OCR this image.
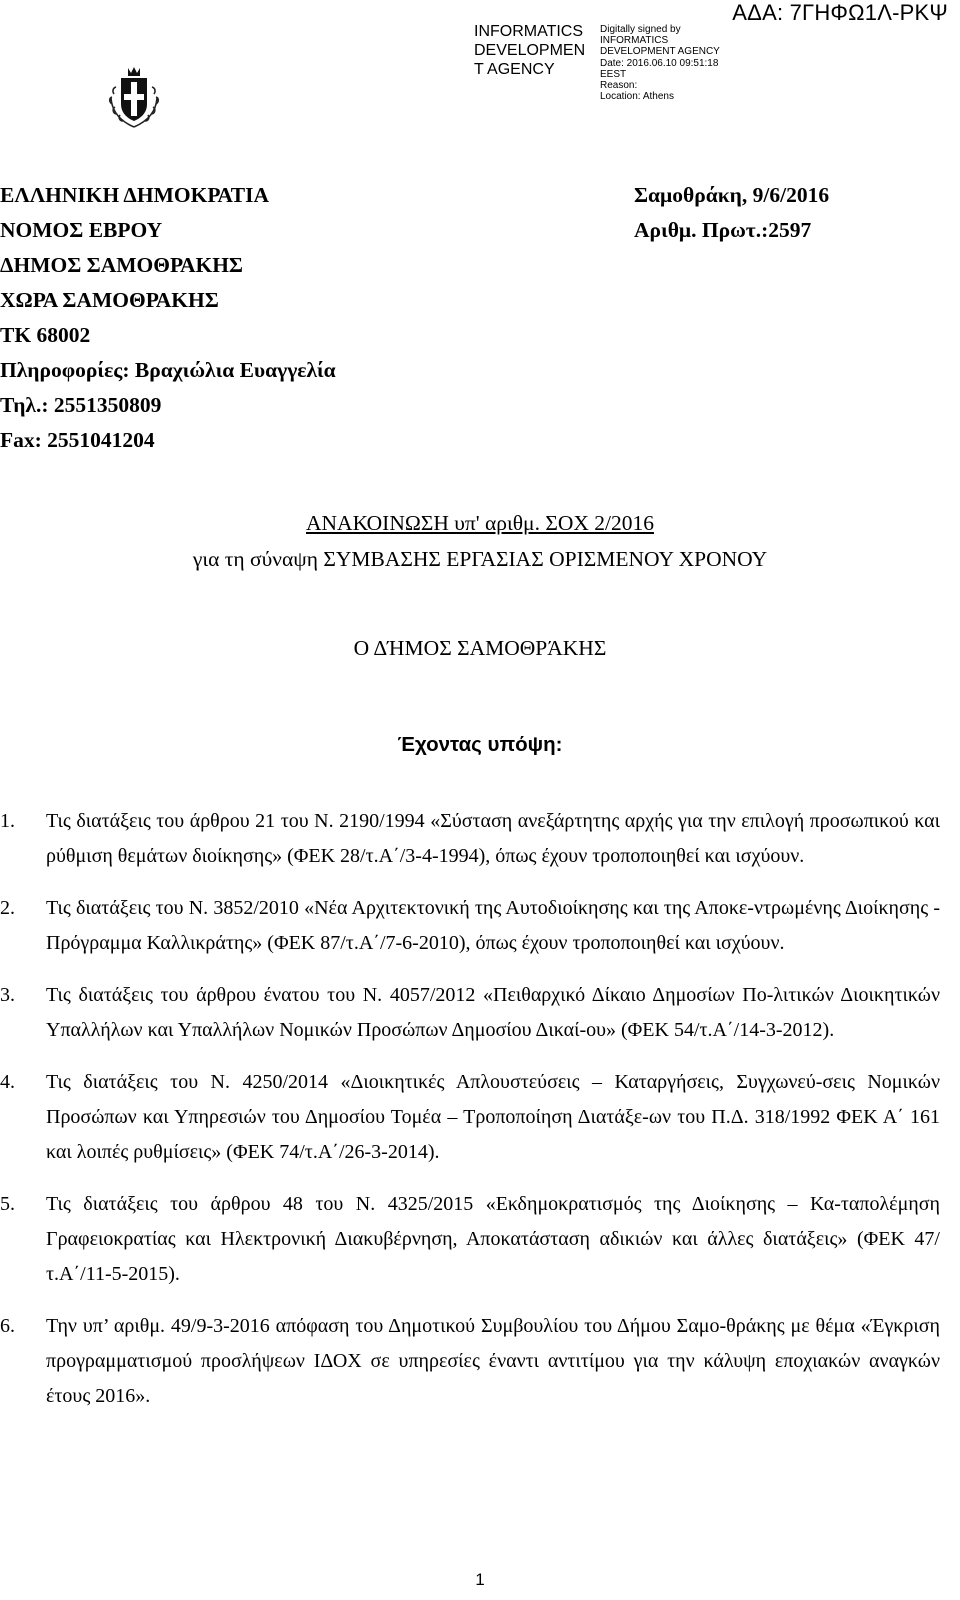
ΑΔΑ: 7ΓΗΦΩ1Λ-ΡΚΨ
INFORMATICS
DEVELOPMEN
T AGENCY
Digitally signed by
INFORMATICS
DEVELOPMENT AGENCY
Date: 2016.06.10 09:51:18
EEST
Reason:
Location: Athens
ΕΛΛΗΝΙΚΗ ΔΗΜΟΚΡΑΤΙΑ
ΝΟΜΟΣ ΕΒΡΟΥ
ΔΗΜΟΣ ΣΑΜΟΘΡΑΚΗΣ
ΧΩΡΑ ΣΑΜΟΘΡΑΚΗΣ
ΤΚ 68002
Πληροφορίες: Βραχιώλια Ευαγγελία
Τηλ.: 2551350809
Fax: 2551041204
Σαμοθράκη, 9/6/2016
Αριθμ. Πρωτ.:2597
ΑΝΑΚΟΙΝΩΣΗ υπ' αριθμ. ΣΟΧ 2/2016
για τη σύναψη ΣΥΜΒΑΣΗΣ ΕΡΓΑΣΙΑΣ ΟΡΙΣΜΕΝΟΥ ΧΡΟΝΟΥ
Ο ΔΉΜΟΣ ΣΑΜΟΘΡΆΚΗΣ
Έχοντας υπόψη:
1. Τις διατάξεις του άρθρου 21 του Ν. 2190/1994 «Σύσταση ανεξάρτητης αρχής για την επιλογή προσωπικού και ρύθμιση θεμάτων διοίκησης» (ΦΕΚ 28/τ.Α΄/3-4-1994), όπως έχουν τροποποιηθεί και ισχύουν.
2. Τις διατάξεις του Ν. 3852/2010 «Νέα Αρχιτεκτονική της Αυτοδιοίκησης και της Αποκε-ντρωμένης Διοίκησης - Πρόγραμμα Καλλικράτης» (ΦΕΚ 87/τ.Α΄/7-6-2010), όπως έχουν τροποποιηθεί και ισχύουν.
3. Τις διατάξεις του άρθρου ένατου του Ν. 4057/2012 «Πειθαρχικό Δίκαιο Δημοσίων Πο-λιτικών Διοικητικών Υπαλλήλων και Υπαλλήλων Νομικών Προσώπων Δημοσίου Δικαί-ου» (ΦΕΚ 54/τ.Α΄/14-3-2012).
4. Τις διατάξεις του Ν. 4250/2014 «Διοικητικές Απλουστεύσεις – Καταργήσεις, Συγχωνεύ-σεις Νομικών Προσώπων και Υπηρεσιών του Δημοσίου Τομέα – Τροποποίηση Διατάξε-ων του Π.Δ. 318/1992 ΦΕΚ Α΄ 161 και λοιπές ρυθμίσεις» (ΦΕΚ 74/τ.Α΄/26-3-2014).
5. Τις διατάξεις του άρθρου 48 του Ν. 4325/2015 «Εκδημοκρατισμός της Διοίκησης – Κα-ταπολέμηση Γραφειοκρατίας και Ηλεκτρονική Διακυβέρνηση, Αποκατάσταση αδικιών και άλλες διατάξεις» (ΦΕΚ 47/τ.Α΄/11-5-2015).
6. Την υπ’ αριθμ. 49/9-3-2016 απόφαση του Δημοτικού Συμβουλίου του Δήμου Σαμο-θράκης με θέμα «Έγκριση προγραμματισμού προσλήψεων ΙΔΟΧ σε υπηρεσίες έναντι αντιτίμου για την κάλυψη εποχιακών αναγκών έτους 2016».
1
